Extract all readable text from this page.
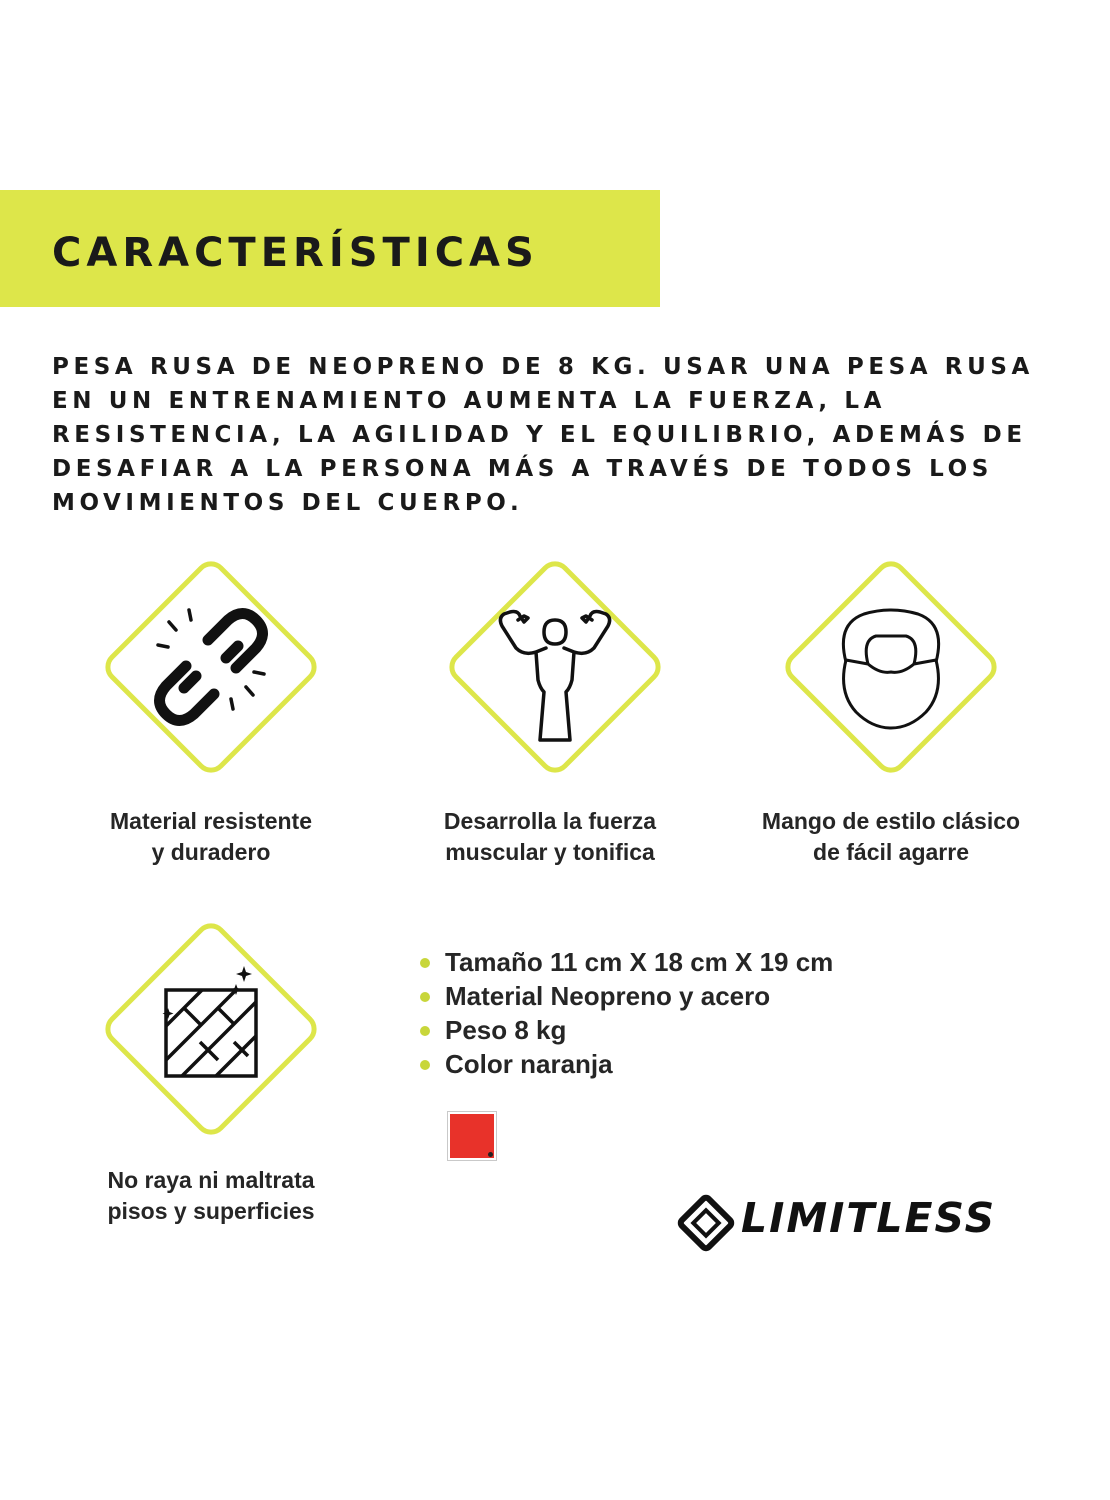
CARACTERÍSTICAS

PESA RUSA DE NEOPRENO DE 8 KG. USAR UNA PESA RUSA EN UN ENTRENAMIENTO AUMENTA LA FUERZA, LA RESISTENCIA, LA AGILIDAD Y EL EQUILIBRIO, ADEMÁS DE DESAFIAR A LA PERSONA MÁS A TRAVÉS DE TODOS LOS MOVIMIENTOS DEL CUERPO.

Material resistente
y duradero

Desarrolla la fuerza
muscular y tonifica

Mango de estilo clásico
de fácil agarre

No raya ni maltrata
pisos y superficies

Tamaño 11 cm X 18 cm X 19 cm
Material Neopreno y acero
Peso 8 kg
Color naranja
LIMITLESS
